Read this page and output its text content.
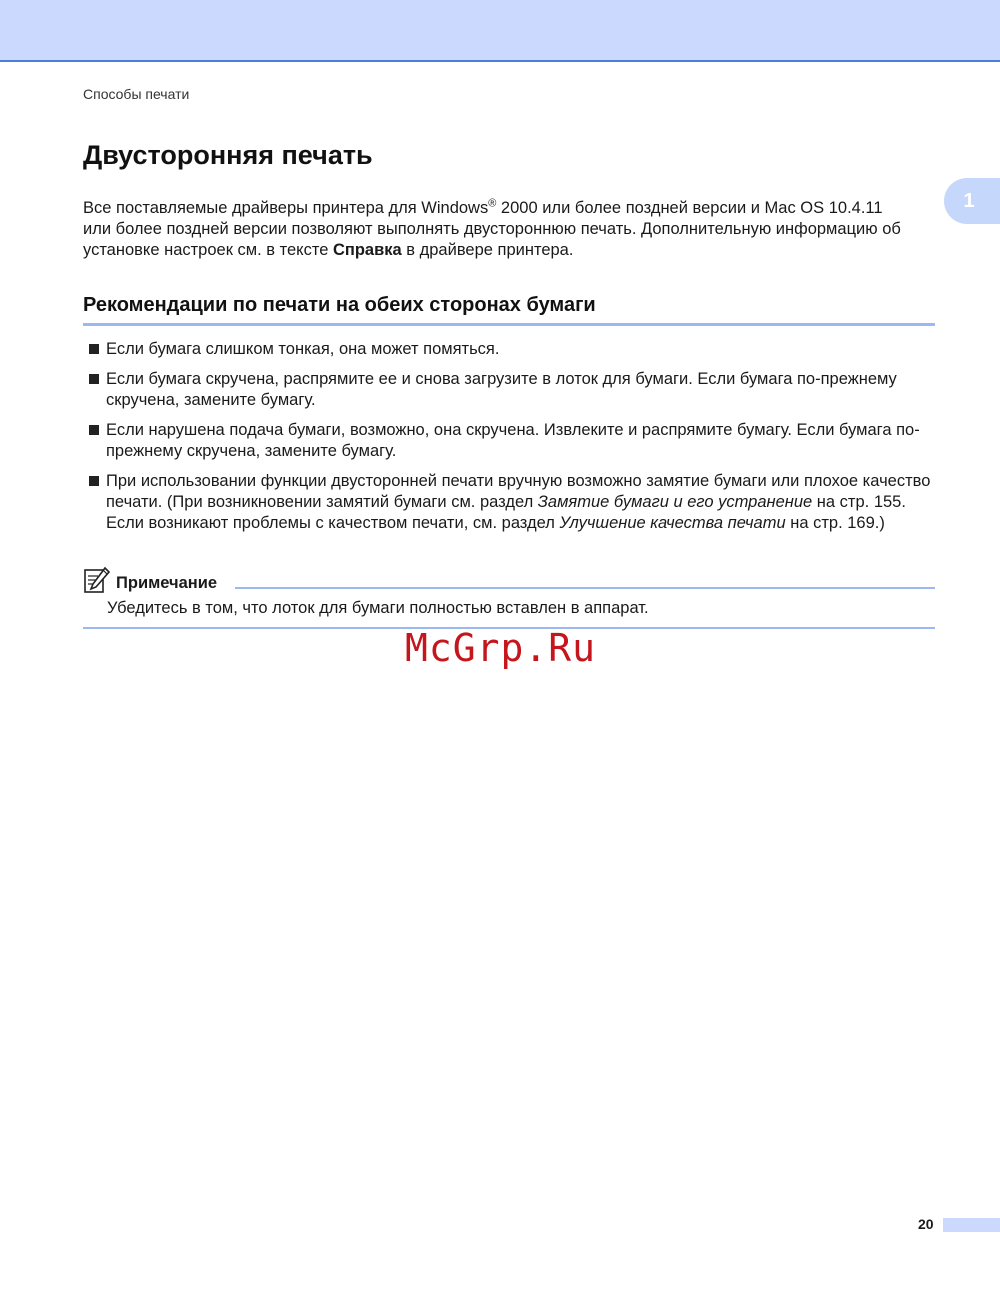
Способы печати
1
Двусторонняя печать

Все поставляемые драйверы принтера для Windows® 2000 или более поздней версии и Mac OS 10.4.11 или более поздней версии позволяют выполнять двустороннюю печать. Дополнительную информацию об установке настроек см. в тексте Справка в драйвере принтера.

Рекомендации по печати на обеих сторонах бумаги
Если бумага слишком тонкая, она может помяться.
Если бумага скручена, распрямите ее и снова загрузите в лоток для бумаги. Если бумага по-прежнему скручена, замените бумагу.
Если нарушена подача бумаги, возможно, она скручена. Извлеките и распрямите бумагу. Если бумага по-прежнему скручена, замените бумагу.
При использовании функции двусторонней печати вручную возможно замятие бумаги или плохое качество печати. (При возникновении замятий бумаги см. раздел Замятие бумаги и его устранение на стр. 155. Если возникают проблемы с качеством печати, см. раздел Улучшение качества печати на стр. 169.)
Примечание
Убедитесь в том, что лоток для бумаги полностью вставлен в аппарат.
McGrp.Ru
20
